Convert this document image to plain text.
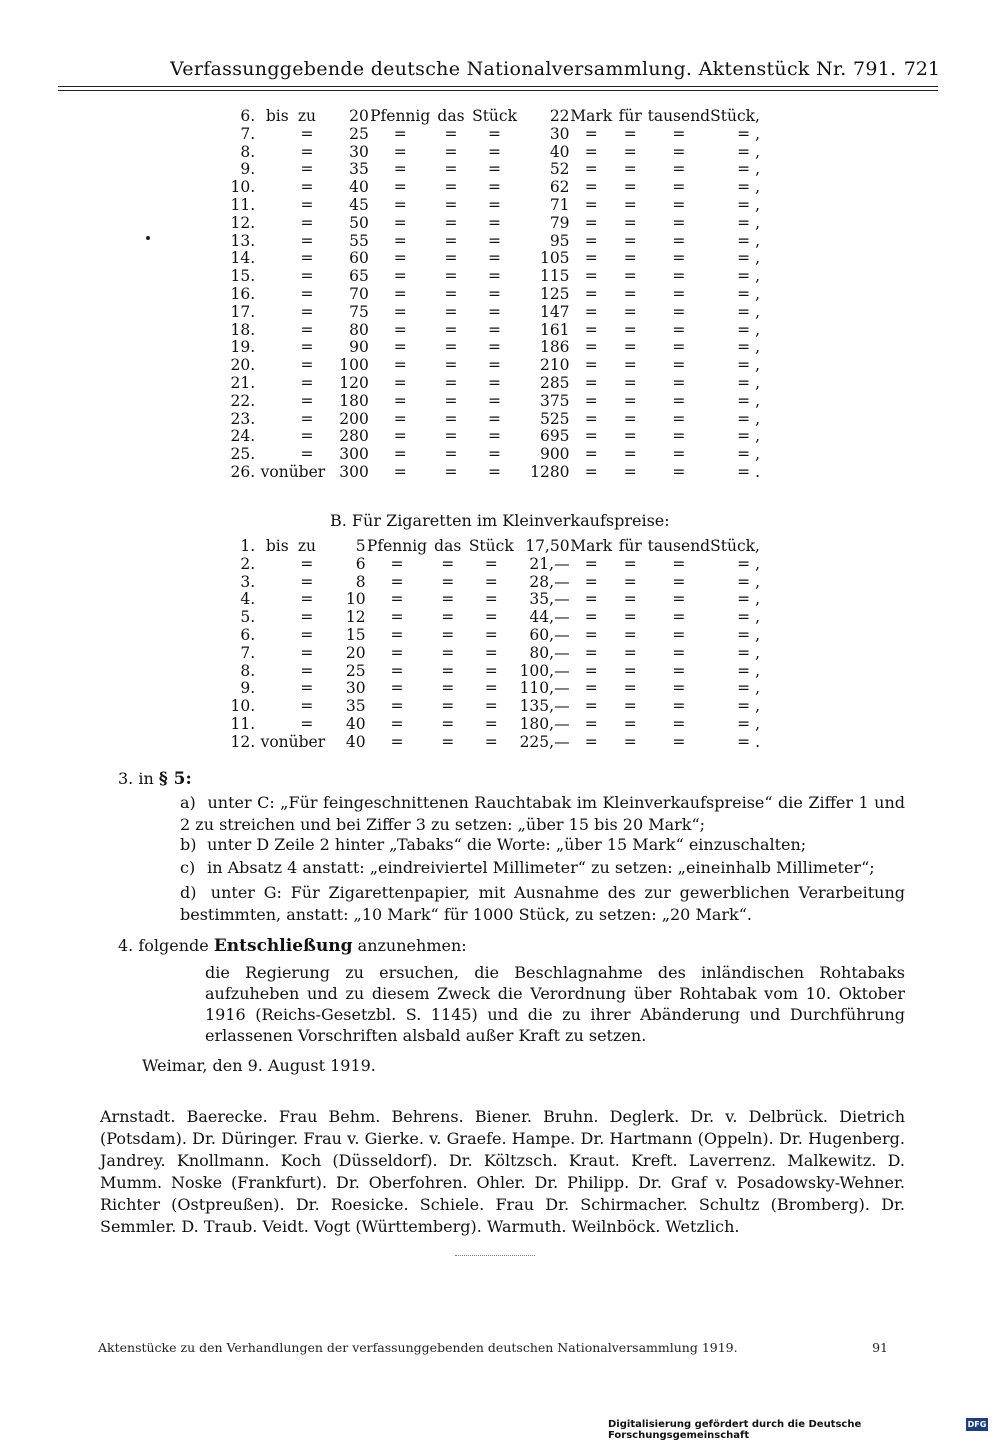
Verfassunggebende deutsche Nationalversammlung. Aktenstück Nr. 791. 721
6.	bis	zu	20	Pfennig	das	Stück	22	Mark	für	tausend	Stück,
7.		=	25	=	=	=	30	=	=	=	= ,
8.		=	30	=	=	=	40	=	=	=	= ,
9.		=	35	=	=	=	52	=	=	=	= ,
10.		=	40	=	=	=	62	=	=	=	= ,
11.		=	45	=	=	=	71	=	=	=	= ,
12.		=	50	=	=	=	79	=	=	=	= ,
13.		=	55	=	=	=	95	=	=	=	= ,
14.		=	60	=	=	=	105	=	=	=	= ,
15.		=	65	=	=	=	115	=	=	=	= ,
16.		=	70	=	=	=	125	=	=	=	= ,
17.		=	75	=	=	=	147	=	=	=	= ,
18.		=	80	=	=	=	161	=	=	=	= ,
19.		=	90	=	=	=	186	=	=	=	= ,
20.		=	100	=	=	=	210	=	=	=	= ,
21.		=	120	=	=	=	285	=	=	=	= ,
22.		=	180	=	=	=	375	=	=	=	= ,
23.		=	200	=	=	=	525	=	=	=	= ,
24.		=	280	=	=	=	695	=	=	=	= ,
25.		=	300	=	=	=	900	=	=	=	= ,
26.	von	über	300	=	=	=	1280	=	=	=	= .
B. Für Zigaretten im Kleinverkaufspreise:
1.	bis	zu	5	Pfennig	das	Stück	17,50	Mark	für	tausend	Stück,
2.		=	6	=	=	=	21,—	=	=	=	= ,
3.		=	8	=	=	=	28,—	=	=	=	= ,
4.		=	10	=	=	=	35,—	=	=	=	= ,
5.		=	12	=	=	=	44,—	=	=	=	= ,
6.		=	15	=	=	=	60,—	=	=	=	= ,
7.		=	20	=	=	=	80,—	=	=	=	= ,
8.		=	25	=	=	=	100,—	=	=	=	= ,
9.		=	30	=	=	=	110,—	=	=	=	= ,
10.		=	35	=	=	=	135,—	=	=	=	= ,
11.		=	40	=	=	=	180,—	=	=	=	= ,
12.	von	über	40	=	=	=	225,—	=	=	=	= .
3. in § 5:
a) unter C: „Für feingeschnittenen Rauchtabak im Kleinverkaufspreise“ die Ziffer 1 und 2 zu streichen und bei Ziffer 3 zu setzen: „über 15 bis 20 Mark“;
b) unter D Zeile 2 hinter „Tabaks“ die Worte: „über 15 Mark“ einzuschalten;
c) in Absatz 4 anstatt: „eindreiviertel Millimeter“ zu setzen: „eineinhalb Millimeter“;
d) unter G: Für Zigarettenpapier, mit Ausnahme des zur gewerblichen Verarbeitung bestimmten, anstatt: „10 Mark“ für 1000 Stück, zu setzen: „20 Mark“.
4. folgende Entschließung anzunehmen:
die Regierung zu ersuchen, die Beschlagnahme des inländischen Rohtabaks aufzuheben und zu diesem Zweck die Verordnung über Rohtabak vom 10. Oktober 1916 (Reichs-Gesetzbl. S. 1145) und die zu ihrer Abänderung und Durchführung erlassenen Vorschriften alsbald außer Kraft zu setzen.
Weimar, den 9. August 1919.
Arnstadt. Baerecke. Frau Behm. Behrens. Biener. Bruhn. Deglerk. Dr. v. Delbrück. Dietrich (Potsdam). Dr. Düringer. Frau v. Gierke. v. Graefe. Hampe. Dr. Hartmann (Oppeln). Dr. Hugenberg. Jandrey. Knollmann. Koch (Düsseldorf). Dr. Költzsch. Kraut. Kreft. Laverrenz. Malkewitz. D. Mumm. Noske (Frankfurt). Dr. Oberfohren. Ohler. Dr. Philipp. Dr. Graf v. Posadowsky-Wehner. Richter (Ostpreußen). Dr. Roesicke. Schiele. Frau Dr. Schirmacher. Schultz (Bromberg). Dr. Semmler. D. Traub. Veidt. Vogt (Württemberg). Warmuth. Weilnböck. Wetzlich.
Aktenstücke zu den Verhandlungen der verfassunggebenden deutschen Nationalversammlung 1919.	91
Digitalisierung gefördert durch die Deutsche Forschungsgemeinschaft
DFG
